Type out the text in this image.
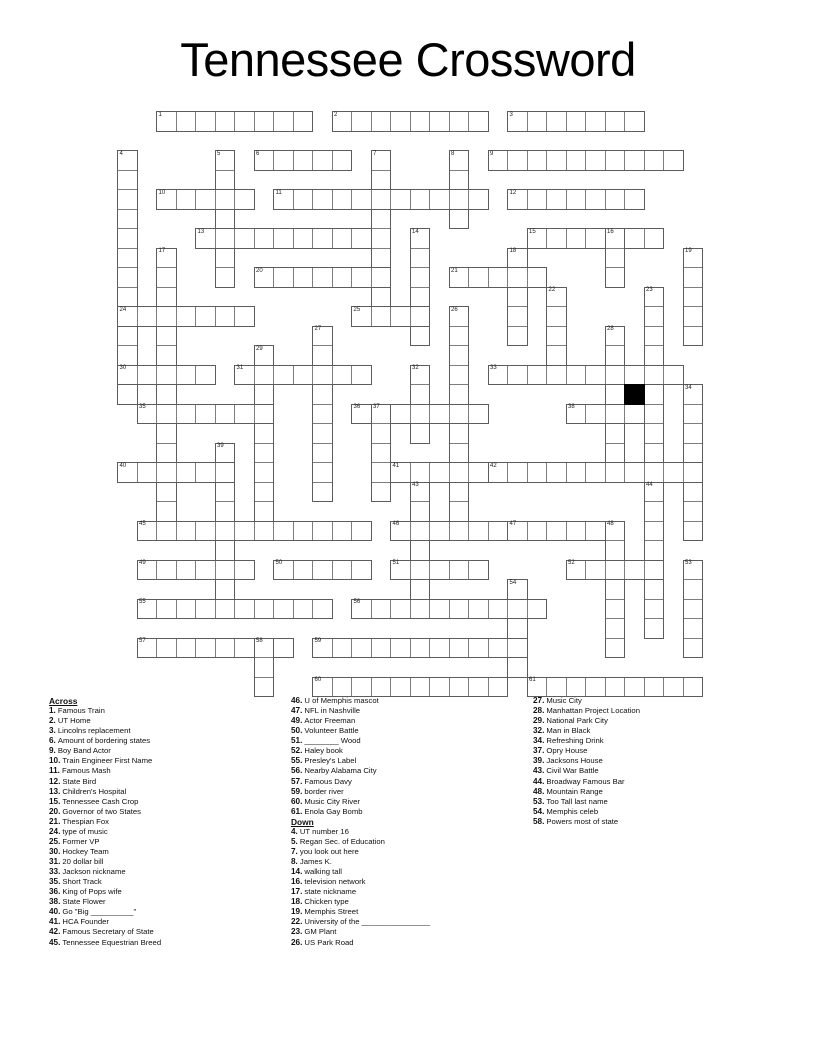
Tennessee Crossword
1	2	3
4	5	6	7	8	9
10	11	12
13	14	15	16
17	18	19
20	21
22	23
24	25	26
27	28
29
30	31	32	33
34
35	36 37	38
39
40	41	42
43	44
45	46	47	48
49	50	51	52	53
54
55	56
57	58	59
60	61
Across
1. Famous Train
2. UT Home
3. Lincolns replacement
6. Amount of bordering states
9. Boy Band Actor
10. Train Engineer First Name
11. Famous Mash
12. State Bird
13. Children's Hospital
15. Tennessee Cash Crop
20. Governor of two States
21. Thespian Fox
24. type of music
25. Former VP
30. Hockey Team
31. 20 dollar bill
33. Jackson nickname
35. Short Track
36. King of Pops wife
38. State Flower
40. Go "Big __________"
41. HCA Founder
42. Famous Secretary of State
45. Tennessee Equestrian Breed
46. U of Memphis mascot
47. NFL in Nashville
49. Actor Freeman
50. Volunteer Battle
51. ________ Wood
52. Haley book
55. Presley's Label
56. Nearby Alabama City
57. Famous Davy
59. border river
60. Music City River
61. Enola Gay Bomb
Down
4. UT number 16
5. Regan Sec. of Education
7. you look out here
8. James K.
14. walking tall
16. television network
17. state nickname
18. Chicken type
19. Memphis Street
22. University of the ________________
23. GM Plant
26. US Park Road
27. Music City
28. Manhattan Project Location
29. National Park City
32. Man in Black
34. Refreshing Drink
37. Opry House
39. Jacksons House
43. Civil War Battle
44. Broadway Famous Bar
48. Mountain Range
53. Too Tall last name
54. Memphis celeb
58. Powers most of state
